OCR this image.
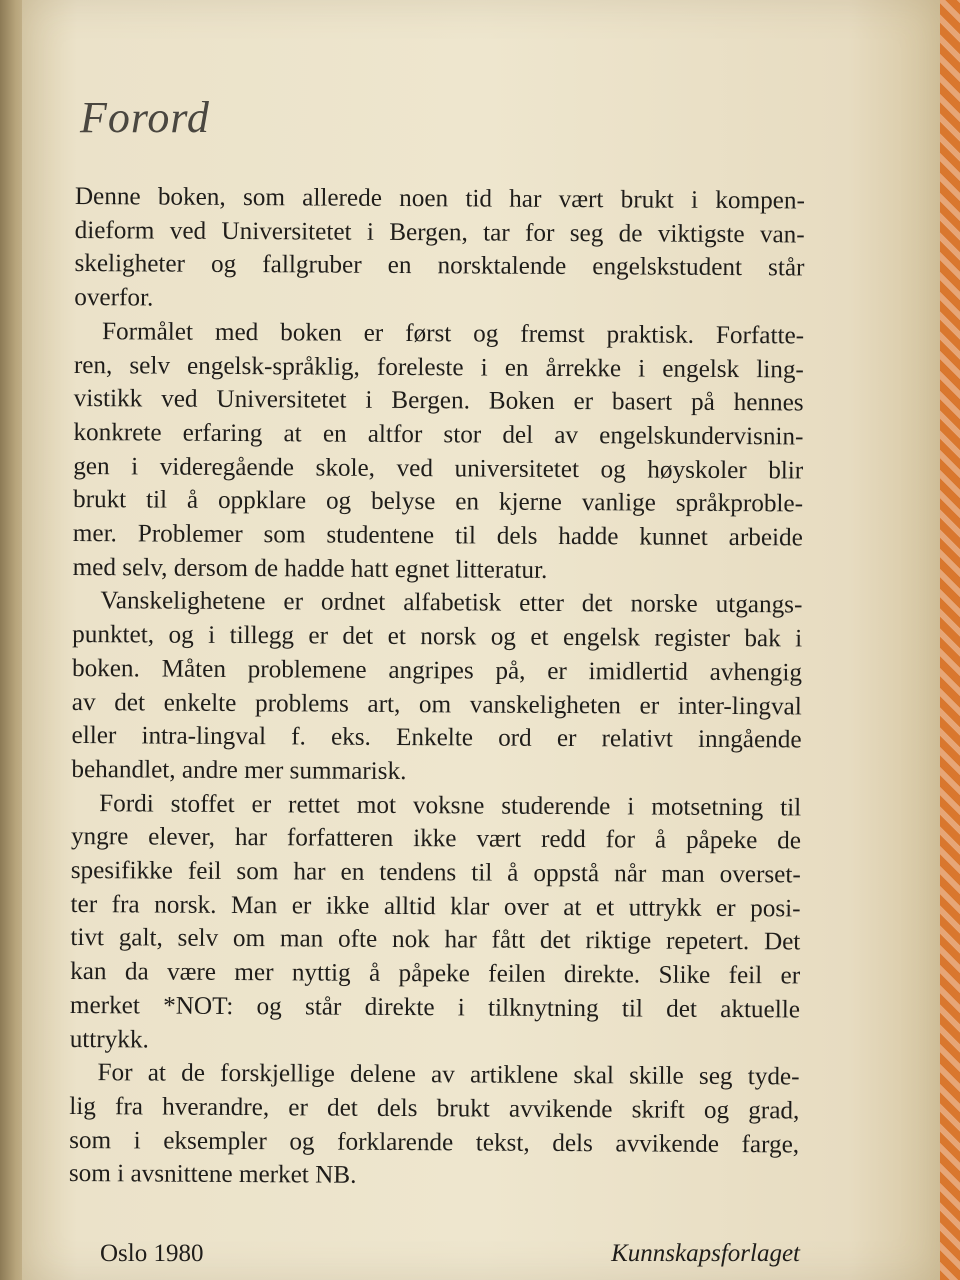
Forord
Denne boken, som allerede noen tid har vært brukt i kompen-
dieform ved Universitetet i Bergen, tar for seg de viktigste van-
skeligheter og fallgruber en norsktalende engelskstudent står
overfor.
Formålet med boken er først og fremst praktisk. Forfatte-
ren, selv engelsk-språklig, foreleste i en årrekke i engelsk ling-
vistikk ved Universitetet i Bergen. Boken er basert på hennes
konkrete erfaring at en altfor stor del av engelskundervisnin-
gen i videregående skole, ved universitetet og høyskoler blir
brukt til å oppklare og belyse en kjerne vanlige språkproble-
mer. Problemer som studentene til dels hadde kunnet arbeide
med selv, dersom de hadde hatt egnet litteratur.
Vanskelighetene er ordnet alfabetisk etter det norske utgangs-
punktet, og i tillegg er det et norsk og et engelsk register bak i
boken. Måten problemene angripes på, er imidlertid avhengig
av det enkelte problems art, om vanskeligheten er inter-lingval
eller intra-lingval f. eks. Enkelte ord er relativt inngående
behandlet, andre mer summarisk.
Fordi stoffet er rettet mot voksne studerende i motsetning til
yngre elever, har forfatteren ikke vært redd for å påpeke de
spesifikke feil som har en tendens til å oppstå når man overset-
ter fra norsk. Man er ikke alltid klar over at et uttrykk er posi-
tivt galt, selv om man ofte nok har fått det riktige repetert. Det
kan da være mer nyttig å påpeke feilen direkte. Slike feil er
merket *NOT: og står direkte i tilknytning til det aktuelle
uttrykk.
For at de forskjellige delene av artiklene skal skille seg tyde-
lig fra hverandre, er det dels brukt avvikende skrift og grad,
som i eksempler og forklarende tekst, dels avvikende farge,
som i avsnittene merket NB.
Oslo 1980	Kunnskapsforlaget
